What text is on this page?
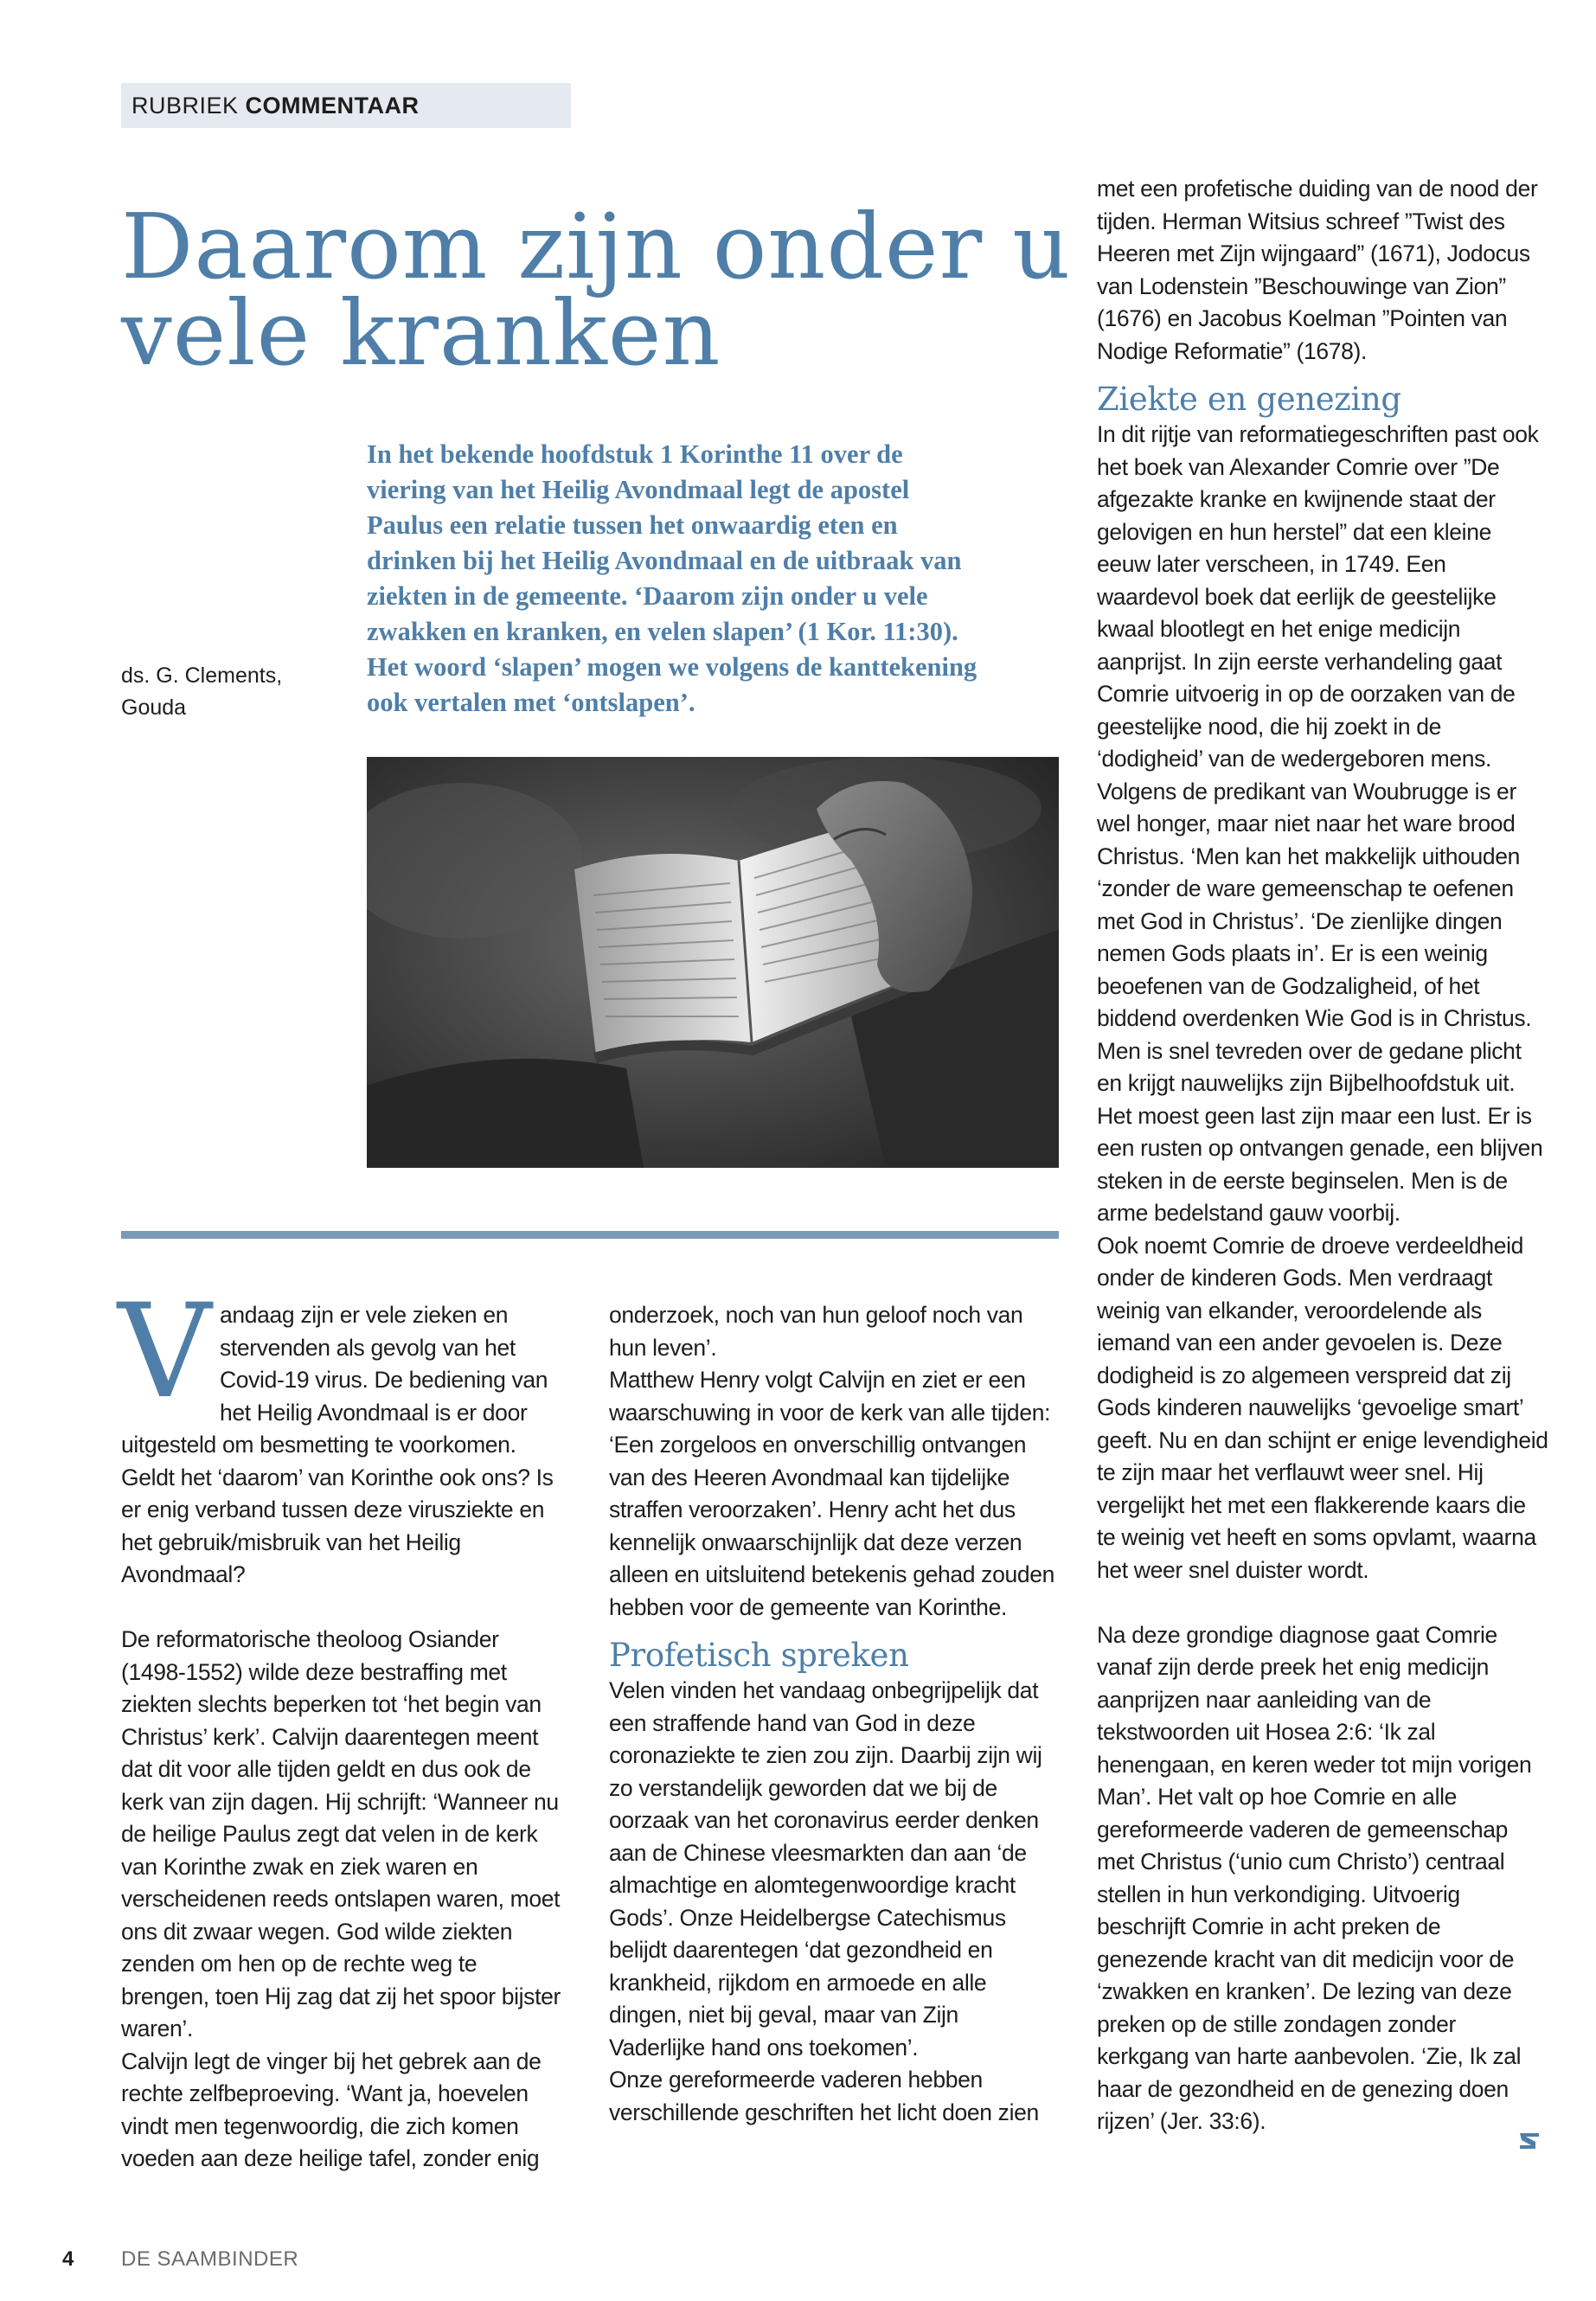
RUBRIEK COMMENTAAR
Daarom zijn onder u
vele kranken

In het bekende hoofdstuk 1 Korinthe 11 over de
viering van het Heilig Avondmaal legt de apostel
Paulus een relatie tussen het onwaardig eten en
drinken bij het Heilig Avondmaal en de uitbraak van
ziekten in de gemeente. ‘Daarom zijn onder u vele
zwakken en kranken, en velen slapen’ (1 Kor. 11:30).
Het woord ‘slapen’ mogen we volgens de kanttekening
ook vertalen met ‘ontslapen’.

ds. G. Clements,
Gouda

Vandaag zijn er vele zieken en stervenden als gevolg van het Covid-19 virus. De bediening van het Heilig Avondmaal is er door uitgesteld om besmetting te voorkomen. Geldt het ‘daarom’ van Korinthe ook ons? Is er enig verband tussen deze virusziekte en het gebruik/misbruik van het Heilig Avondmaal?

De reformatorische theoloog Osiander (1498-1552) wilde deze bestraffing met ziekten slechts beperken tot ‘het begin van Christus’ kerk’. Calvijn daarentegen meent dat dit voor alle tijden geldt en dus ook de kerk van zijn dagen. Hij schrijft: ‘Wanneer nu de heilige Paulus zegt dat velen in de kerk van Korinthe zwak en ziek waren en verscheidenen reeds ontslapen waren, moet ons dit zwaar wegen. God wilde ziekten zenden om hen op de rechte weg te brengen, toen Hij zag dat zij het spoor bijster waren’.

Calvijn legt de vinger bij het gebrek aan de rechte zelfbeproeving. ‘Want ja, hoevelen vindt men tegenwoordig, die zich komen voeden aan deze heilige tafel, zonder enig

onderzoek, noch van hun geloof noch van hun leven’.

Matthew Henry volgt Calvijn en ziet er een waarschuwing in voor de kerk van alle tijden: ‘Een zorgeloos en onverschillig ontvangen van des Heeren Avondmaal kan tijdelijke straffen veroorzaken’. Henry acht het dus kennelijk onwaarschijnlijk dat deze verzen alleen en uitsluitend betekenis gehad zouden hebben voor de gemeente van Korinthe.

Profetisch spreken

Velen vinden het vandaag onbegrijpelijk dat een straffende hand van God in deze coronaziekte te zien zou zijn. Daarbij zijn wij zo verstandelijk geworden dat we bij de oorzaak van het coronavirus eerder denken aan de Chinese vleesmarkten dan aan ‘de almachtige en alomtegenwoordige kracht Gods’. Onze Heidelbergse Catechismus belijdt daarentegen ‘dat gezondheid en krankheid, rijkdom en armoede en alle dingen, niet bij geval, maar van Zijn Vaderlijke hand ons toekomen’.

Onze gereformeerde vaderen hebben verschillende geschriften het licht doen zien

met een profetische duiding van de nood der tijden. Herman Witsius schreef ”Twist des Heeren met Zijn wijngaard” (1671), Jodocus van Lodenstein ”Beschouwinge van Zion” (1676) en Jacobus Koelman ”Pointen van Nodige Reformatie” (1678).

Ziekte en genezing

In dit rijtje van reformatiegeschriften past ook het boek van Alexander Comrie over ”De afgezakte kranke en kwijnende staat der gelovigen en hun herstel” dat een kleine eeuw later verscheen, in 1749. Een waardevol boek dat eerlijk de geestelijke kwaal blootlegt en het enige medicijn aanprijst. In zijn eerste verhandeling gaat Comrie uitvoerig in op de oorzaken van de geestelijke nood, die hij zoekt in de ‘dodigheid’ van de wedergeboren mens.

Volgens de predikant van Woubrugge is er wel honger, maar niet naar het ware brood Christus. ‘Men kan het makkelijk uithouden ‘zonder de ware gemeenschap te oefenen met God in Christus’. ‘De zienlijke dingen nemen Gods plaats in’. Er is een weinig beoefenen van de Godzaligheid, of het biddend overdenken Wie God is in Christus. Men is snel tevreden over de gedane plicht en krijgt nauwelijks zijn Bijbelhoofdstuk uit. Het moest geen last zijn maar een lust. Er is een rusten op ontvangen genade, een blijven steken in de eerste beginselen. Men is de arme bedelstand gauw voorbij.

Ook noemt Comrie de droeve verdeeldheid onder de kinderen Gods. Men verdraagt weinig van elkander, veroordelende als iemand van een ander gevoelen is. Deze dodigheid is zo algemeen verspreid dat zij Gods kinderen nauwelijks ‘gevoelige smart’ geeft. Nu en dan schijnt er enige levendigheid te zijn maar het verflauwt weer snel. Hij vergelijkt het met een flakkerende kaars die te weinig vet heeft en soms opvlamt, waarna het weer snel duister wordt.

Na deze grondige diagnose gaat Comrie vanaf zijn derde preek het enig medicijn aanprijzen naar aanleiding van de tekstwoorden uit Hosea 2:6: ‘Ik zal henengaan, en keren weder tot mijn vorigen Man’. Het valt op hoe Comrie en alle gereformeerde vaderen de gemeenschap met Christus (‘unio cum Christo’) centraal stellen in hun verkondiging. Uitvoerig beschrijft Comrie in acht preken de genezende kracht van dit medicijn voor de ‘zwakken en kranken’. De lezing van deze preken op de stille zondagen zonder kerkgang van harte aanbevolen. ‘Zie, Ik zal haar de gezondheid en de genezing doen rijzen’ (Jer. 33:6).

4 DE SAAMBINDER
